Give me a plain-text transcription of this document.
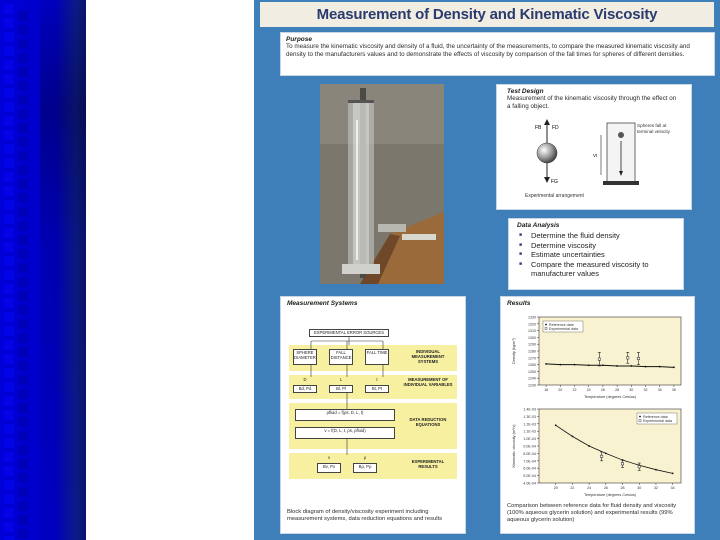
Measurement of Density and Kinematic Viscosity
Purpose
To measure the kinematic viscosity and density of a fluid, the uncertainty of the measurements, to compare the measured kinematic viscosity and density to the manufacturers values and to demonstrate the effects of viscosity by comparison of the fall times for spheres of different densities.
Test Design
Measurement of the kinematic viscosity through the effect on a falling object.
FB FD
FG
Vt
Spheres fall at terminal velocity
Experimental arrangement
Data Analysis
■ Determine the fluid density
■ Determine viscosity
■ Estimate uncertainties
■ Compare the measured viscosity to manufacturer values
Measurement Systems
EXPERIMENTAL ERROR SOURCES
SPHERE DIAMETER
FALL DISTANCE
FALL TIME	INDIVIDUAL MEASUREMENT SYSTEMS
D
Bd, Pd
L
Bl, Pl
t
Bt, Pt
MEASUREMENT OF INDIVIDUAL VARIABLES
ρfluid = f(ρs, D, L, t)
ν = f(D, L, t, ρs, ρfluid)
DATA REDUCTION EQUATIONS
ν
Bν, Pν
ρ
Bρ, Pρ
EXPERIMENTAL RESULTS
Block diagram of density/viscosity experiment including measurement systems, data reduction equations and results
Results
1230
1240
1250
1260
1270
1280
1290
1300
1310
1320
1330
18	20	22	24	26	28	30	32	34	36
Temperature (degrees Celsius)
Density (kg/m³)
Reference data
Experimental data
4.0E-04
5.0E-04
6.0E-04
7.0E-04
8.0E-04
9.0E-04
1.0E-03
1.1E-03
1.2E-03
1.3E-03
1.4E-03
20	22	24	26	28	30	32	34
Temperature (degrees Celsius)
Kinematic viscosity (m²/s)
Reference data
Experimental data
Comparison between reference data for fluid density and viscosity (100% aqueous glycerin solution) and experimental results (99% aqueous glycerin solution)
